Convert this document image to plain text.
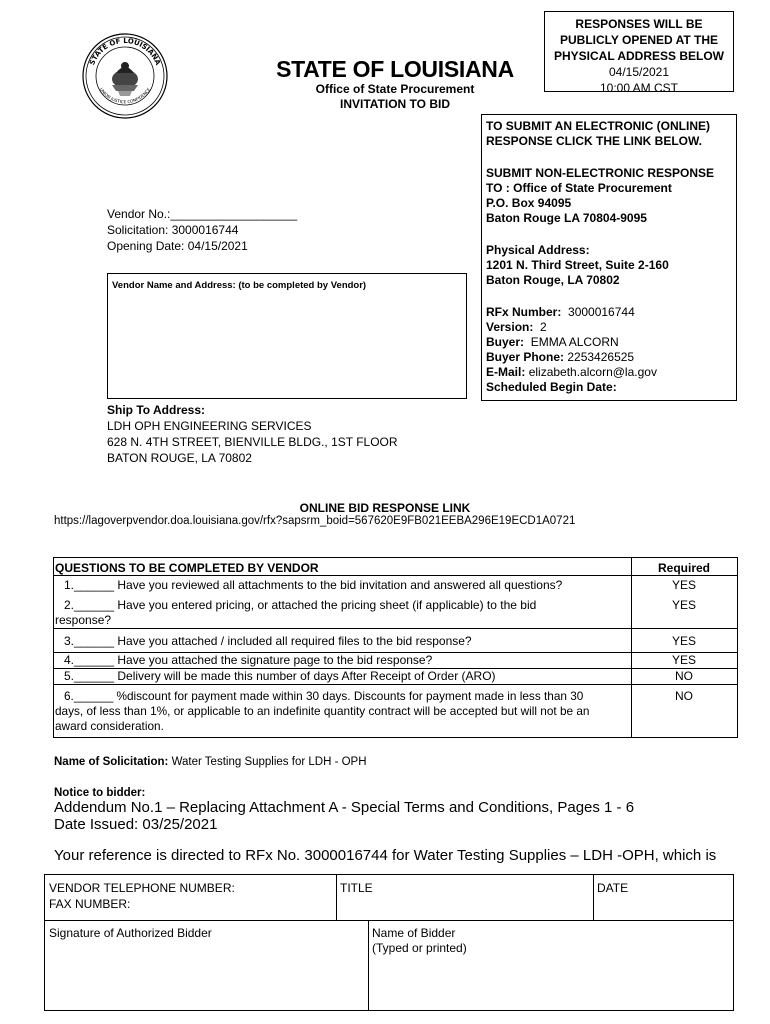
STATE OF LOUISIANA
UNION JUSTICE CONFIDENCE
RESPONSES WILL BE
PUBLICLY OPENED AT THE
PHYSICAL ADDRESS BELOW
04/15/2021
10:00 AM CST
STATE OF LOUISIANA
Office of State Procurement
INVITATION TO BID
TO SUBMIT AN ELECTRONIC (ONLINE)
RESPONSE CLICK THE LINK BELOW.
SUBMIT NON-ELECTRONIC RESPONSE
TO : Office of State Procurement
P.O. Box 94095
Baton Rouge LA 70804-9095
Physical Address:
1201 N. Third Street, Suite 2-160
Baton Rouge, LA 70802
RFx Number: 3000016744
Version: 2
Buyer: EMMA ALCORN
Buyer Phone: 2253426525
E-Mail: elizabeth.alcorn@la.gov
Scheduled Begin Date:
Vendor No.:___________________
Solicitation: 3000016744
Opening Date: 04/15/2021
Vendor Name and Address: (to be completed by Vendor)
Ship To Address:
LDH OPH ENGINEERING SERVICES
628 N. 4TH STREET, BIENVILLE BLDG., 1ST FLOOR
BATON ROUGE, LA 70802
ONLINE BID RESPONSE LINK
https://lagoverpvendor.doa.louisiana.gov/rfx?sapsrm_boid=567620E9FB021EEBA296E19ECD1A0721
QUESTIONS TO BE COMPLETED BY VENDOR	Required
1.______ Have you reviewed all attachments to the bid invitation and answered all questions?	YES
2.______ Have you entered pricing, or attached the pricing sheet (if applicable) to the bid
response?
YES
3.______ Have you attached / included all required files to the bid response?	YES
4.______ Have you attached the signature page to the bid response?	YES
5.______ Delivery will be made this number of days After Receipt of Order (ARO)	NO
6.______ %discount for payment made within 30 days. Discounts for payment made in less than 30
days, of less than 1%, or applicable to an indefinite quantity contract will be accepted but will not be an
award consideration.
NO
Name of Solicitation: Water Testing Supplies for LDH - OPH
Notice to bidder:
Addendum No.1 – Replacing Attachment A - Special Terms and Conditions, Pages 1 - 6
Date Issued: 03/25/2021
Your reference is directed to RFx No. 3000016744 for Water Testing Supplies – LDH -OPH, which is
VENDOR TELEPHONE NUMBER:
FAX NUMBER:
TITLE	DATE
Signature of Authorized Bidder	Name of Bidder
(Typed or printed)
